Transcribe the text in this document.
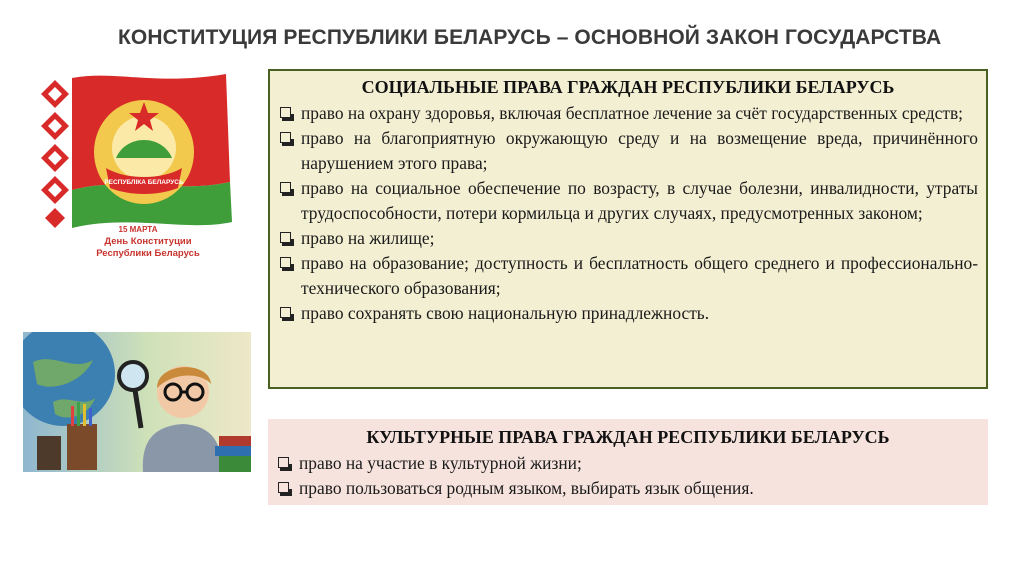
КОНСТИТУЦИЯ РЕСПУБЛИКИ БЕЛАРУСЬ – ОСНОВНОЙ ЗАКОН ГОСУДАРСТВА
РЕСПУБЛІКА БЕЛАРУСЬ
15 МАРТА
День Конституции
Республики Беларусь
СОЦИАЛЬНЫЕ ПРАВА ГРАЖДАН РЕСПУБЛИКИ БЕЛАРУСЬ
право на охрану здоровья, включая бесплатное лечение за счёт государственных средств;
право на благоприятную окружающую среду и на возмещение вреда, причинённого нарушением этого права;
право на социальное обеспечение по возрасту, в случае болезни, инвалидности, утраты трудоспособности, потери кормильца и других случаях, предусмотренных законом;
право на жилище;
право на образование; доступность и бесплатность общего среднего и профессионально-технического образования;
право сохранять свою национальную принадлежность.
КУЛЬТУРНЫЕ ПРАВА ГРАЖДАН РЕСПУБЛИКИ БЕЛАРУСЬ
право на участие в культурной жизни;
право пользоваться родным языком, выбирать язык общения.
